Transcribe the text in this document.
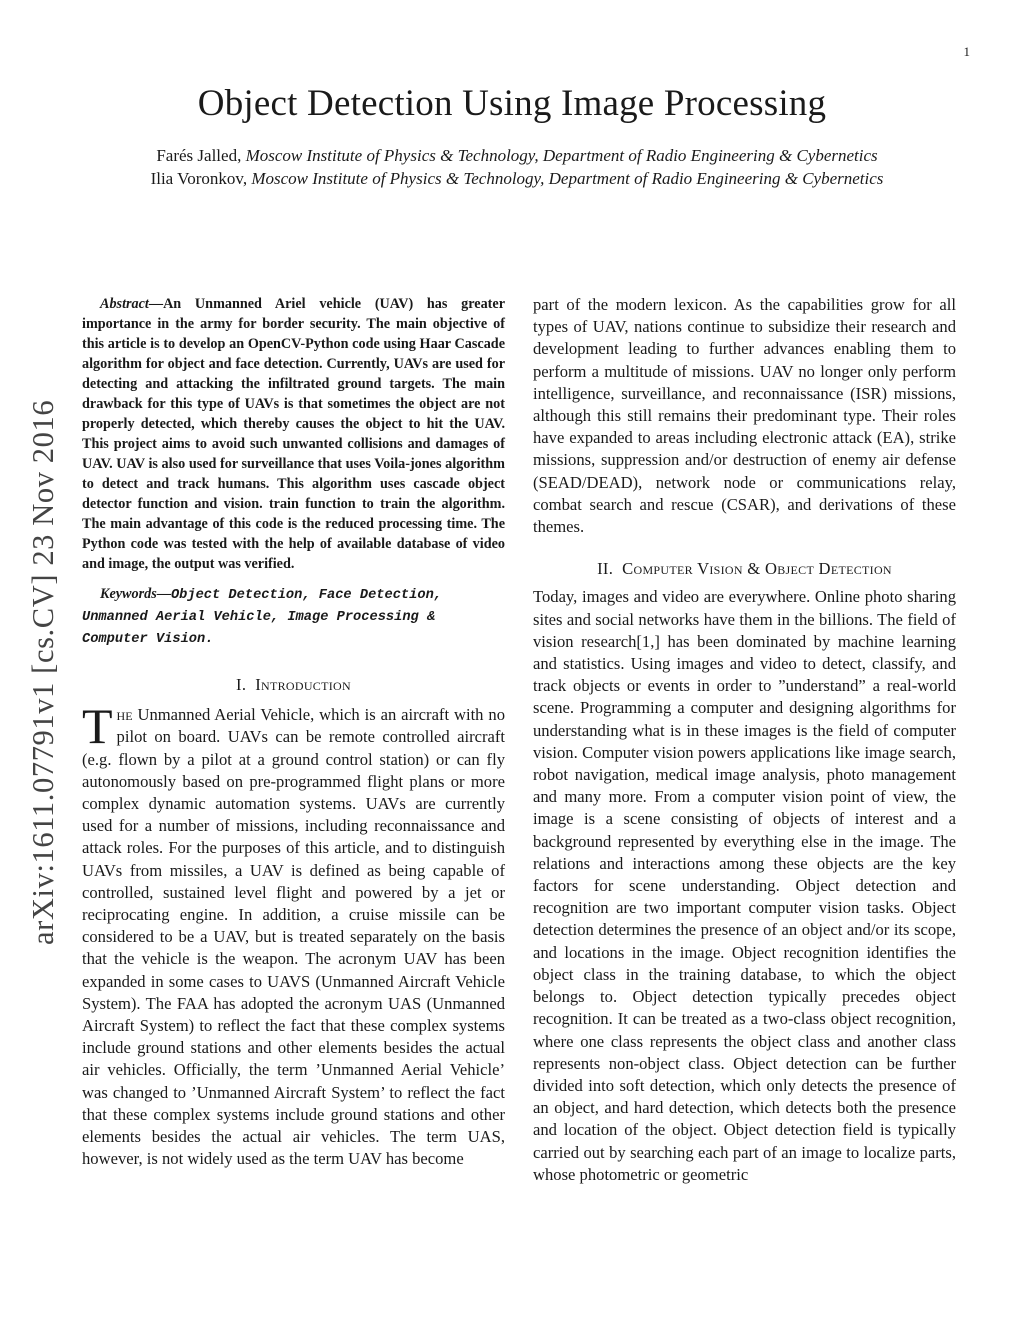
1
Object Detection Using Image Processing
Farés Jalled, Moscow Institute of Physics & Technology, Department of Radio Engineering & Cybernetics
Ilia Voronkov, Moscow Institute of Physics & Technology, Department of Radio Engineering & Cybernetics
arXiv:1611.07791v1 [cs.CV] 23 Nov 2016

Abstract—An Unmanned Ariel vehicle (UAV) has greater importance in the army for border security. The main objective of this article is to develop an OpenCV-Python code using Haar Cascade algorithm for object and face detection. Currently, UAVs are used for detecting and attacking the infiltrated ground targets. The main drawback for this type of UAVs is that sometimes the object are not properly detected, which thereby causes the object to hit the UAV. This project aims to avoid such unwanted collisions and damages of UAV. UAV is also used for surveillance that uses Voila-jones algorithm to detect and track humans. This algorithm uses cascade object detector function and vision. train function to train the algorithm. The main advantage of this code is the reduced processing time. The Python code was tested with the help of available database of video and image, the output was verified.

Keywords—Object Detection, Face Detection, Unmanned Aerial Vehicle, Image Processing & Computer Vision.

I. Introduction

The Unmanned Aerial Vehicle, which is an aircraft with no pilot on board. UAVs can be remote controlled aircraft (e.g. flown by a pilot at a ground control station) or can fly autonomously based on pre-programmed flight plans or more complex dynamic automation systems. UAVs are currently used for a number of missions, including reconnaissance and attack roles. For the purposes of this article, and to distinguish UAVs from missiles, a UAV is defined as being capable of controlled, sustained level flight and powered by a jet or reciprocating engine. In addition, a cruise missile can be considered to be a UAV, but is treated separately on the basis that the vehicle is the weapon. The acronym UAV has been expanded in some cases to UAVS (Unmanned Aircraft Vehicle System). The FAA has adopted the acronym UAS (Unmanned Aircraft System) to reflect the fact that these complex systems include ground stations and other elements besides the actual air vehicles. Officially, the term ’Unmanned Aerial Vehicle’ was changed to ’Unmanned Aircraft System’ to reflect the fact that these complex systems include ground stations and other elements besides the actual air vehicles. The term UAS, however, is not widely used as the term UAV has become

part of the modern lexicon. As the capabilities grow for all types of UAV, nations continue to subsidize their research and development leading to further advances enabling them to perform a multitude of missions. UAV no longer only perform intelligence, surveillance, and reconnaissance (ISR) missions, although this still remains their predominant type. Their roles have expanded to areas including electronic attack (EA), strike missions, suppression and/or destruction of enemy air defense (SEAD/DEAD), network node or communications relay, combat search and rescue (CSAR), and derivations of these themes.

II. Computer Vision & Object Detection

Today, images and video are everywhere. Online photo sharing sites and social networks have them in the billions. The field of vision research[1,] has been dominated by machine learning and statistics. Using images and video to detect, classify, and track objects or events in order to ”understand” a real-world scene. Programming a computer and designing algorithms for understanding what is in these images is the field of computer vision. Computer vision powers applications like image search, robot navigation, medical image analysis, photo management and many more. From a computer vision point of view, the image is a scene consisting of objects of interest and a background represented by everything else in the image. The relations and interactions among these objects are the key factors for scene understanding. Object detection and recognition are two important computer vision tasks. Object detection determines the presence of an object and/or its scope, and locations in the image. Object recognition identifies the object class in the training database, to which the object belongs to. Object detection typically precedes object recognition. It can be treated as a two-class object recognition, where one class represents the object class and another class represents non-object class. Object detection can be further divided into soft detection, which only detects the presence of an object, and hard detection, which detects both the presence and location of the object. Object detection field is typically carried out by searching each part of an image to localize parts, whose photometric or geometric
